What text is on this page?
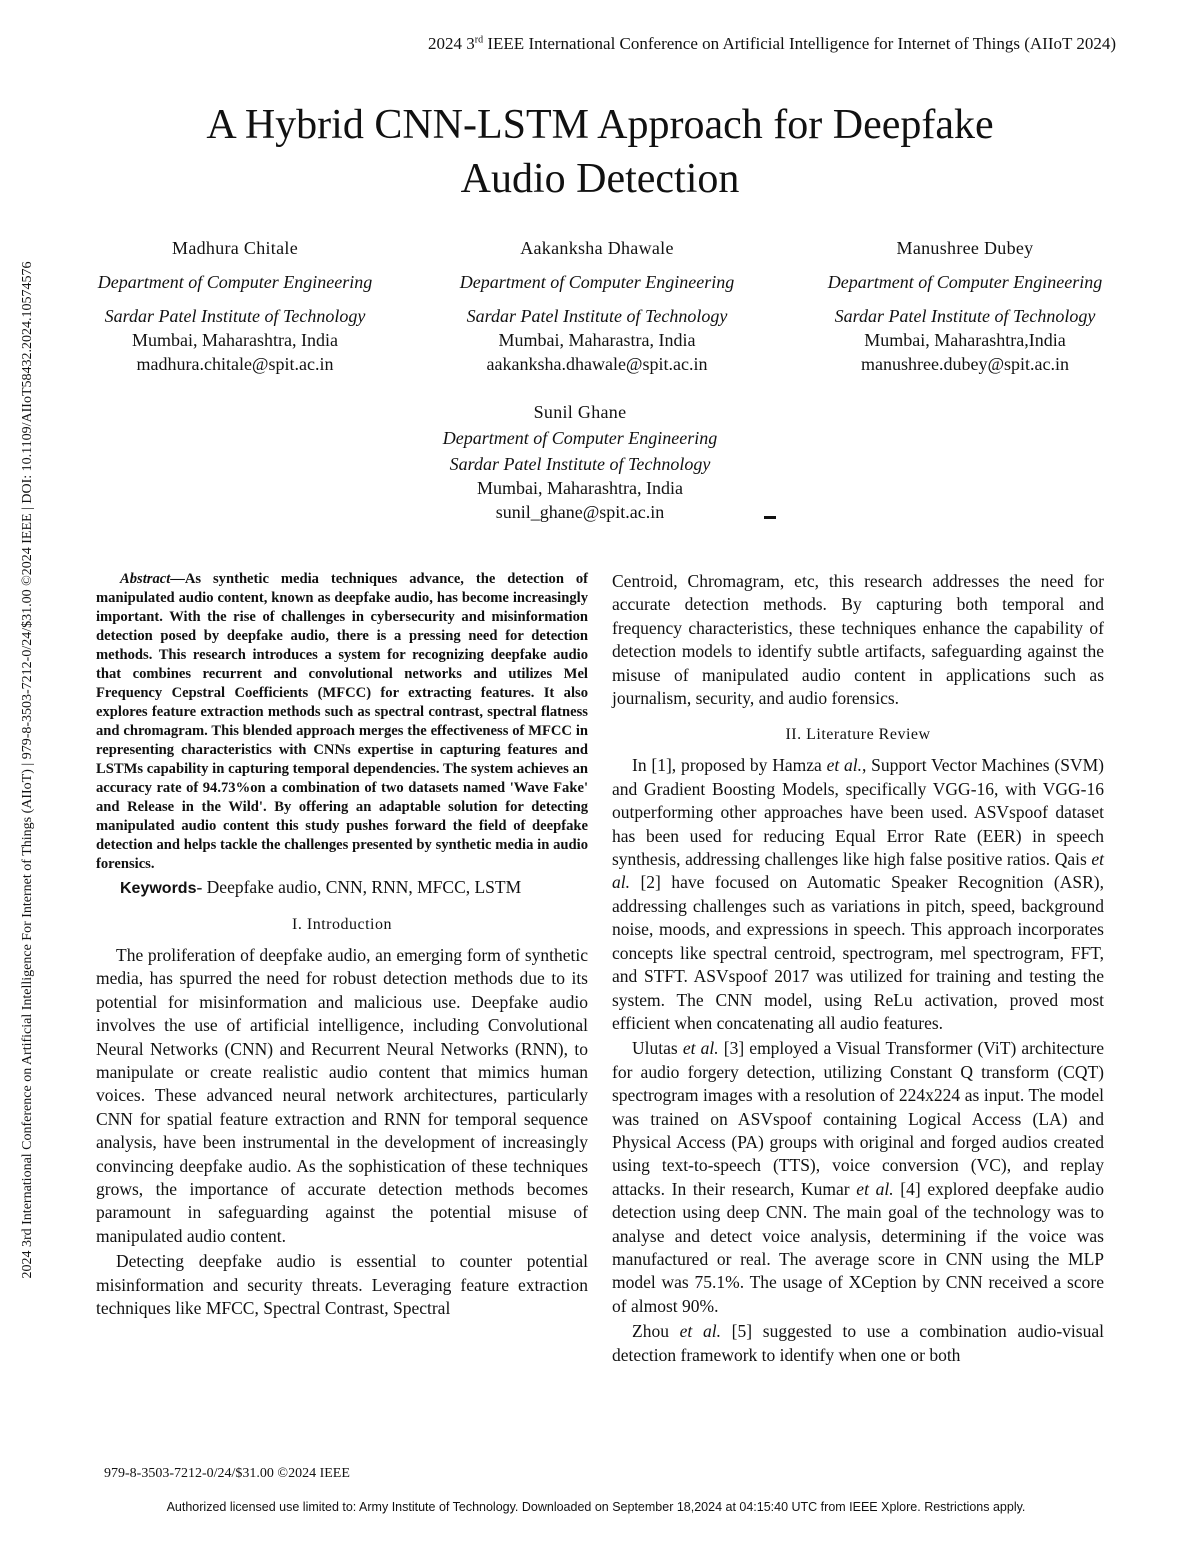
2024 3rd IEEE International Conference on Artificial Intelligence for Internet of Things (AIIoT 2024)
2024 3rd International Conference on Artificial Intelligence For Internet of Things (AIIoT) | 979-8-3503-7212-0/24/$31.00 ©2024 IEEE | DOI: 10.1109/AIIoT58432.2024.10574576
A Hybrid CNN-LSTM Approach for Deepfake
Audio Detection
Madhura Chitale
Department of Computer Engineering
Sardar Patel Institute of Technology
Mumbai, Maharashtra, India
madhura.chitale@spit.ac.in
Aakanksha Dhawale
Department of Computer Engineering
Sardar Patel Institute of Technology
Mumbai, Maharastra, India
aakanksha.dhawale@spit.ac.in
Manushree Dubey
Department of Computer Engineering
Sardar Patel Institute of Technology
Mumbai, Maharashtra,India
manushree.dubey@spit.ac.in
Sunil Ghane
Department of Computer Engineering
Sardar Patel Institute of Technology
Mumbai, Maharashtra, India
sunil_ghane@spit.ac.in

Abstract—As synthetic media techniques advance, the detection of manipulated audio content, known as deepfake audio, has become increasingly important. With the rise of challenges in cybersecurity and misinformation detection posed by deepfake audio, there is a pressing need for detection methods. This research introduces a system for recognizing deepfake audio that combines recurrent and convolutional networks and utilizes Mel Frequency Cepstral Coefficients (MFCC) for extracting features. It also explores feature extraction methods such as spectral contrast, spectral flatness and chromagram. This blended approach merges the effectiveness of MFCC in representing characteristics with CNNs expertise in capturing features and LSTMs capability in capturing temporal dependencies. The system achieves an accuracy rate of 94.73%on a combination of two datasets named 'Wave Fake' and Release in the Wild'. By offering an adaptable solution for detecting manipulated audio content this study pushes forward the field of deepfake detection and helps tackle the challenges presented by synthetic media in audio forensics.

Keywords- Deepfake audio, CNN, RNN, MFCC, LSTM

I. Introduction

The proliferation of deepfake audio, an emerging form of synthetic media, has spurred the need for robust detection methods due to its potential for misinformation and malicious use. Deepfake audio involves the use of artificial intelligence, including Convolutional Neural Networks (CNN) and Recurrent Neural Networks (RNN), to manipulate or create realistic audio content that mimics human voices. These advanced neural network architectures, particularly CNN for spatial feature extraction and RNN for temporal sequence analysis, have been instrumental in the development of increasingly convincing deepfake audio. As the sophistication of these techniques grows, the importance of accurate detection methods becomes paramount in safeguarding against the potential misuse of manipulated audio content.

Detecting deepfake audio is essential to counter potential misinformation and security threats. Leveraging feature extraction techniques like MFCC, Spectral Contrast, Spectral

Centroid, Chromagram, etc, this research addresses the need for accurate detection methods. By capturing both temporal and frequency characteristics, these techniques enhance the capability of detection models to identify subtle artifacts, safeguarding against the misuse of manipulated audio content in applications such as journalism, security, and audio forensics.

II. Literature Review

In [1], proposed by Hamza et al., Support Vector Machines (SVM) and Gradient Boosting Models, specifically VGG-16, with VGG-16 outperforming other approaches have been used. ASVspoof dataset has been used for reducing Equal Error Rate (EER) in speech synthesis, addressing challenges like high false positive ratios. Qais et al. [2] have focused on Automatic Speaker Recognition (ASR), addressing challenges such as variations in pitch, speed, background noise, moods, and expressions in speech. This approach incorporates concepts like spectral centroid, spectrogram, mel spectrogram, FFT, and STFT. ASVspoof 2017 was utilized for training and testing the system. The CNN model, using ReLu activation, proved most efficient when concatenating all audio features.

Ulutas et al. [3] employed a Visual Transformer (ViT) architecture for audio forgery detection, utilizing Constant Q transform (CQT) spectrogram images with a resolution of 224x224 as input. The model was trained on ASVspoof containing Logical Access (LA) and Physical Access (PA) groups with original and forged audios created using text-to-speech (TTS), voice conversion (VC), and replay attacks. In their research, Kumar et al. [4] explored deepfake audio detection using deep CNN. The main goal of the technology was to analyse and detect voice analysis, determining if the voice was manufactured or real. The average score in CNN using the MLP model was 75.1%. The usage of XCeption by CNN received a score of almost 90%.

Zhou et al. [5] suggested to use a combination audio-visual detection framework to identify when one or both

979-8-3503-7212-0/24/$31.00 ©2024 IEEE
Authorized licensed use limited to: Army Institute of Technology. Downloaded on September 18,2024 at 04:15:40 UTC from IEEE Xplore. Restrictions apply.
